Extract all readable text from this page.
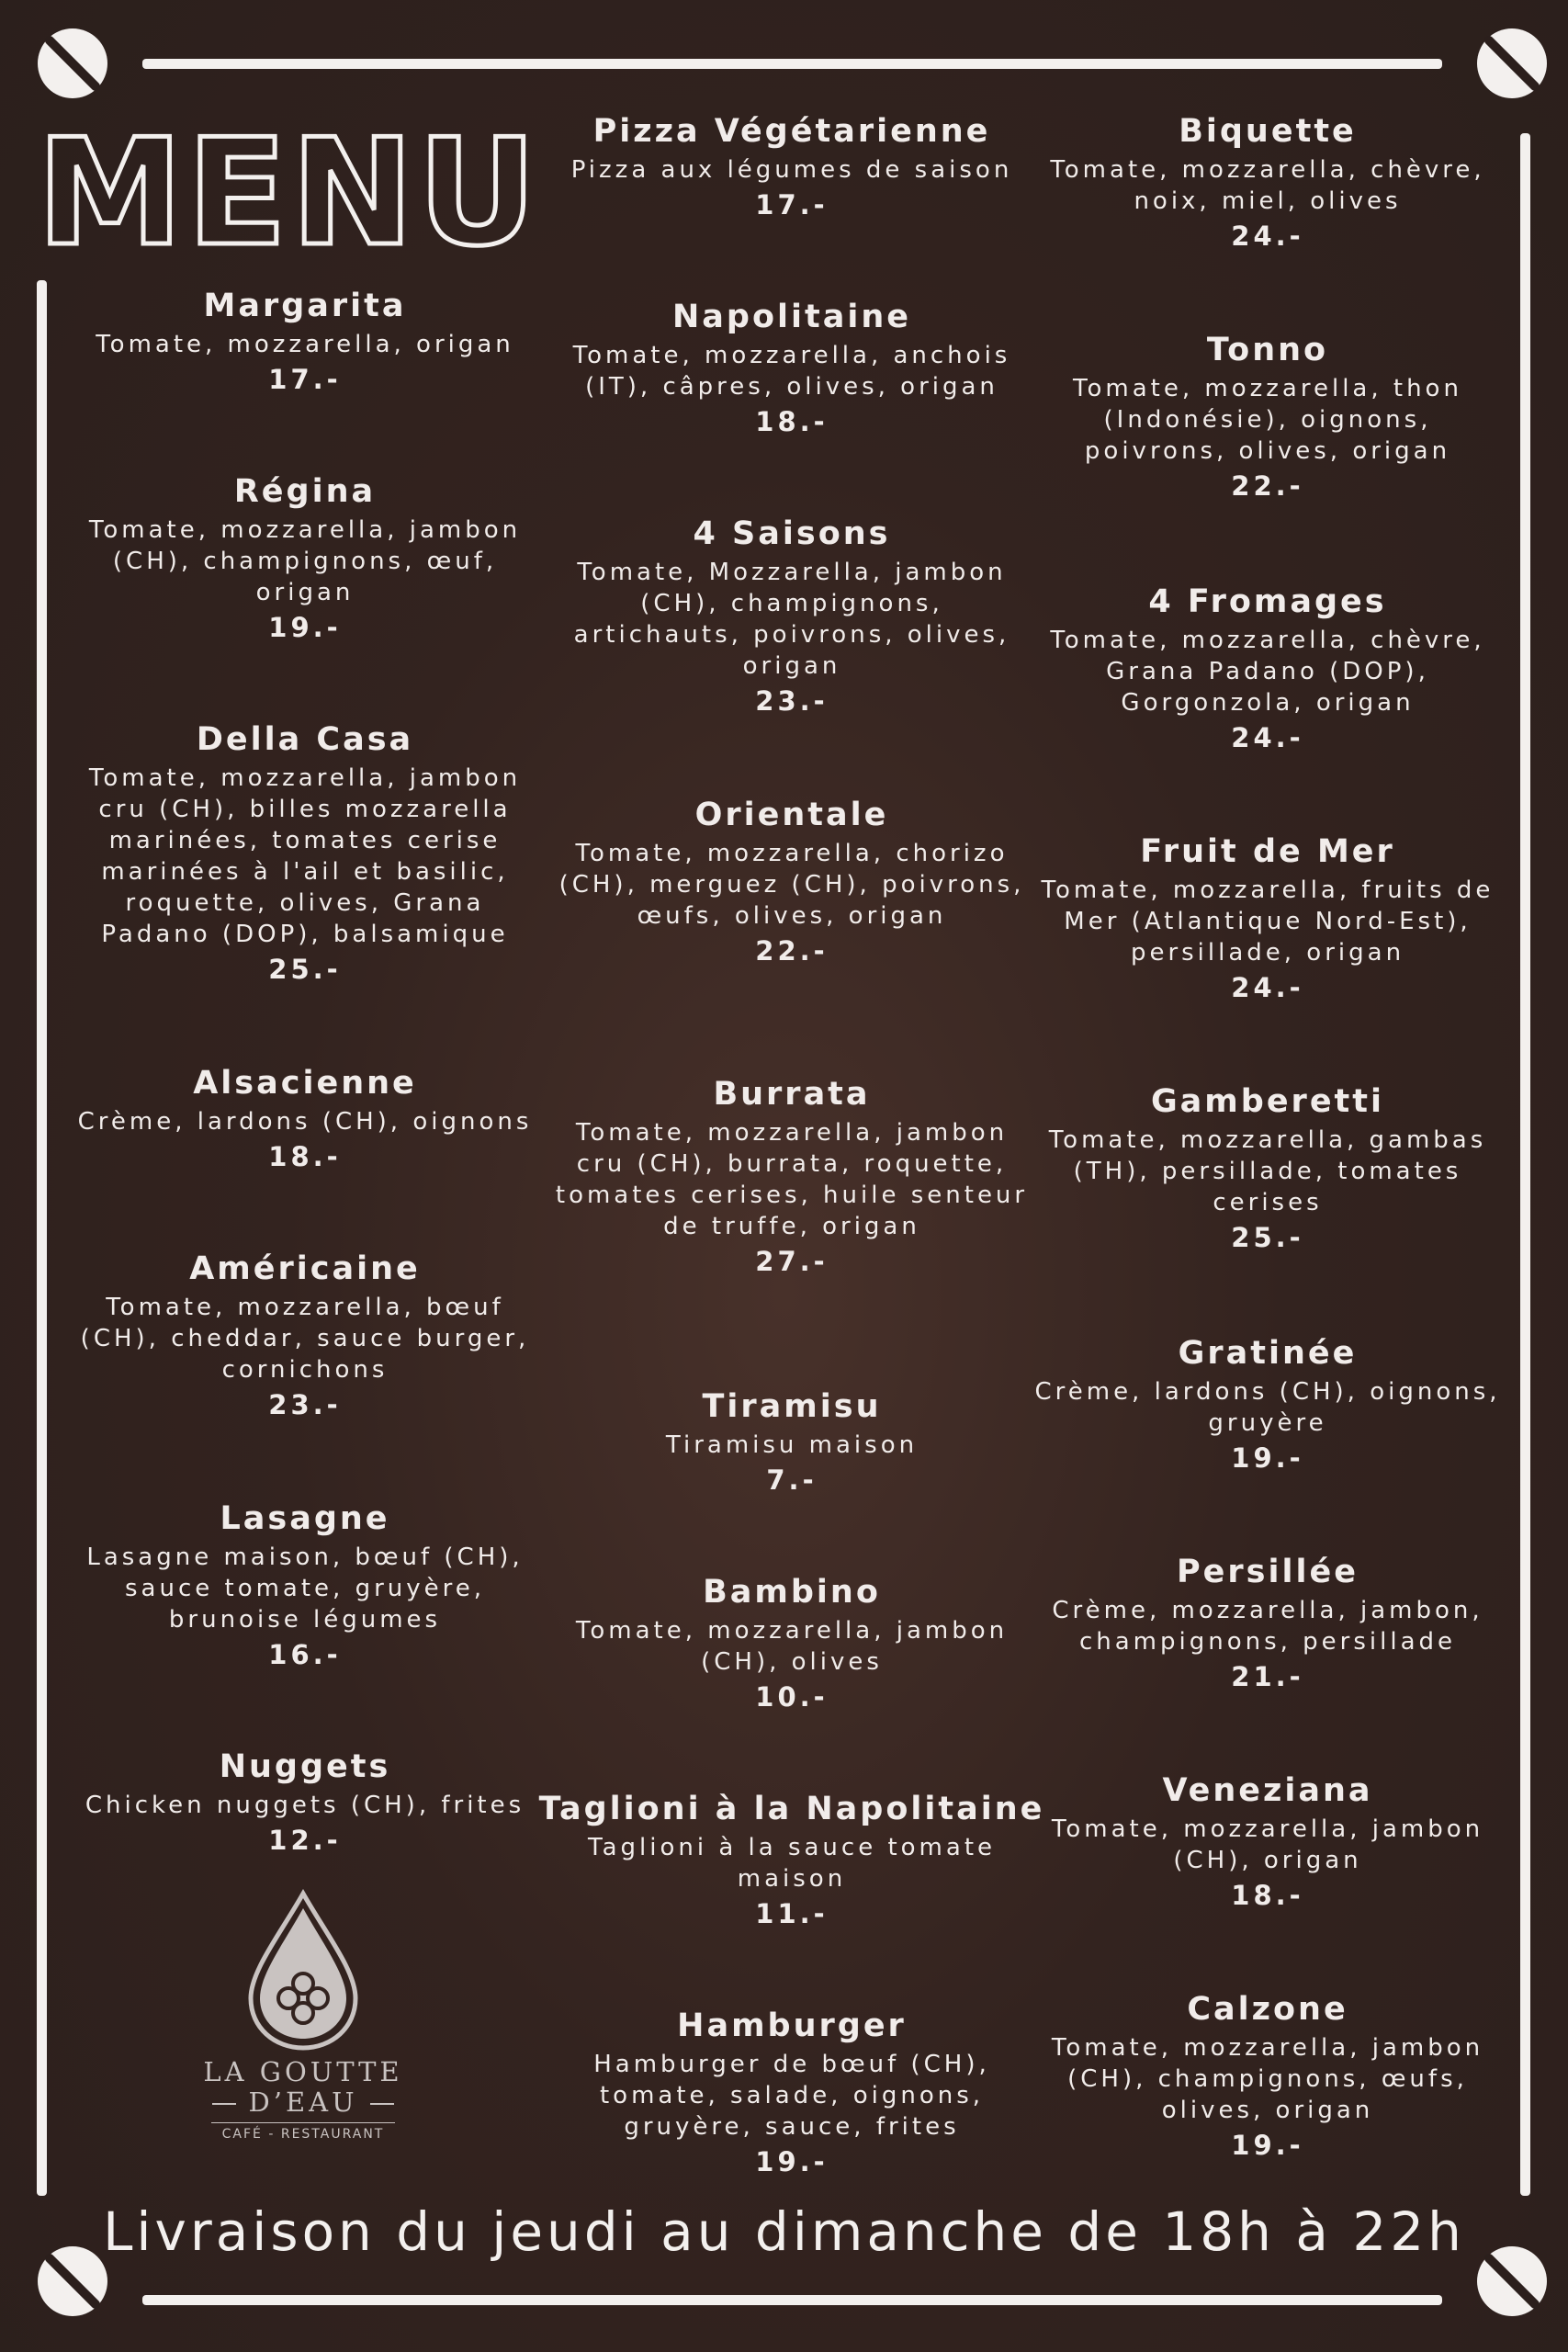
MENU
Margarita
Tomate, mozzarella, origan
17.-
Régina
Tomate, mozzarella, jambon (CH), champignons, œuf, origan
19.-
Della Casa
Tomate, mozzarella, jambon cru (CH), billes mozzarella marinées, tomates cerise marinées à l'ail et basilic, roquette, olives, Grana Padano (DOP), balsamique
25.-
Alsacienne
Crème, lardons (CH), oignons
18.-
Américaine
Tomate, mozzarella, bœuf (CH), cheddar, sauce burger, cornichons
23.-
Lasagne
Lasagne maison, bœuf (CH), sauce tomate, gruyère, brunoise légumes
16.-
Nuggets
Chicken nuggets (CH), frites
12.-
Pizza Végétarienne
Pizza aux légumes de saison
17.-
Napolitaine
Tomate, mozzarella, anchois (IT), câpres, olives, origan
18.-
4 Saisons
Tomate, Mozzarella, jambon (CH), champignons, artichauts, poivrons, olives, origan
23.-
Orientale
Tomate, mozzarella, chorizo (CH), merguez (CH), poivrons, œufs, olives, origan
22.-
Burrata
Tomate, mozzarella, jambon cru (CH), burrata, roquette, tomates cerises, huile senteur de truffe, origan
27.-
Tiramisu
Tiramisu maison
7.-
Bambino
Tomate, mozzarella, jambon (CH), olives
10.-
Taglioni à la Napolitaine
Taglioni à la sauce tomate maison
11.-
Hamburger
Hamburger de bœuf (CH), tomate, salade, oignons, gruyère, sauce, frites
19.-
Biquette
Tomate, mozzarella, chèvre, noix, miel, olives
24.-
Tonno
Tomate, mozzarella, thon (Indonésie), oignons, poivrons, olives, origan
22.-
4 Fromages
Tomate, mozzarella, chèvre, Grana Padano (DOP), Gorgonzola, origan
24.-
Fruit de Mer
Tomate, mozzarella, fruits de Mer (Atlantique Nord-Est), persillade, origan
24.-
Gamberetti
Tomate, mozzarella, gambas (TH), persillade, tomates cerises
25.-
Gratinée
Crème, lardons (CH), oignons, gruyère
19.-
Persillée
Crème, mozzarella, jambon, champignons, persillade
21.-
Veneziana
Tomate, mozzarella, jambon (CH), origan
18.-
Calzone
Tomate, mozzarella, jambon (CH), champignons, œufs, olives, origan
19.-
LA GOUTTE
D’EAU
CAFÉ - RESTAURANT
Livraison du jeudi au dimanche de 18h à 22h
